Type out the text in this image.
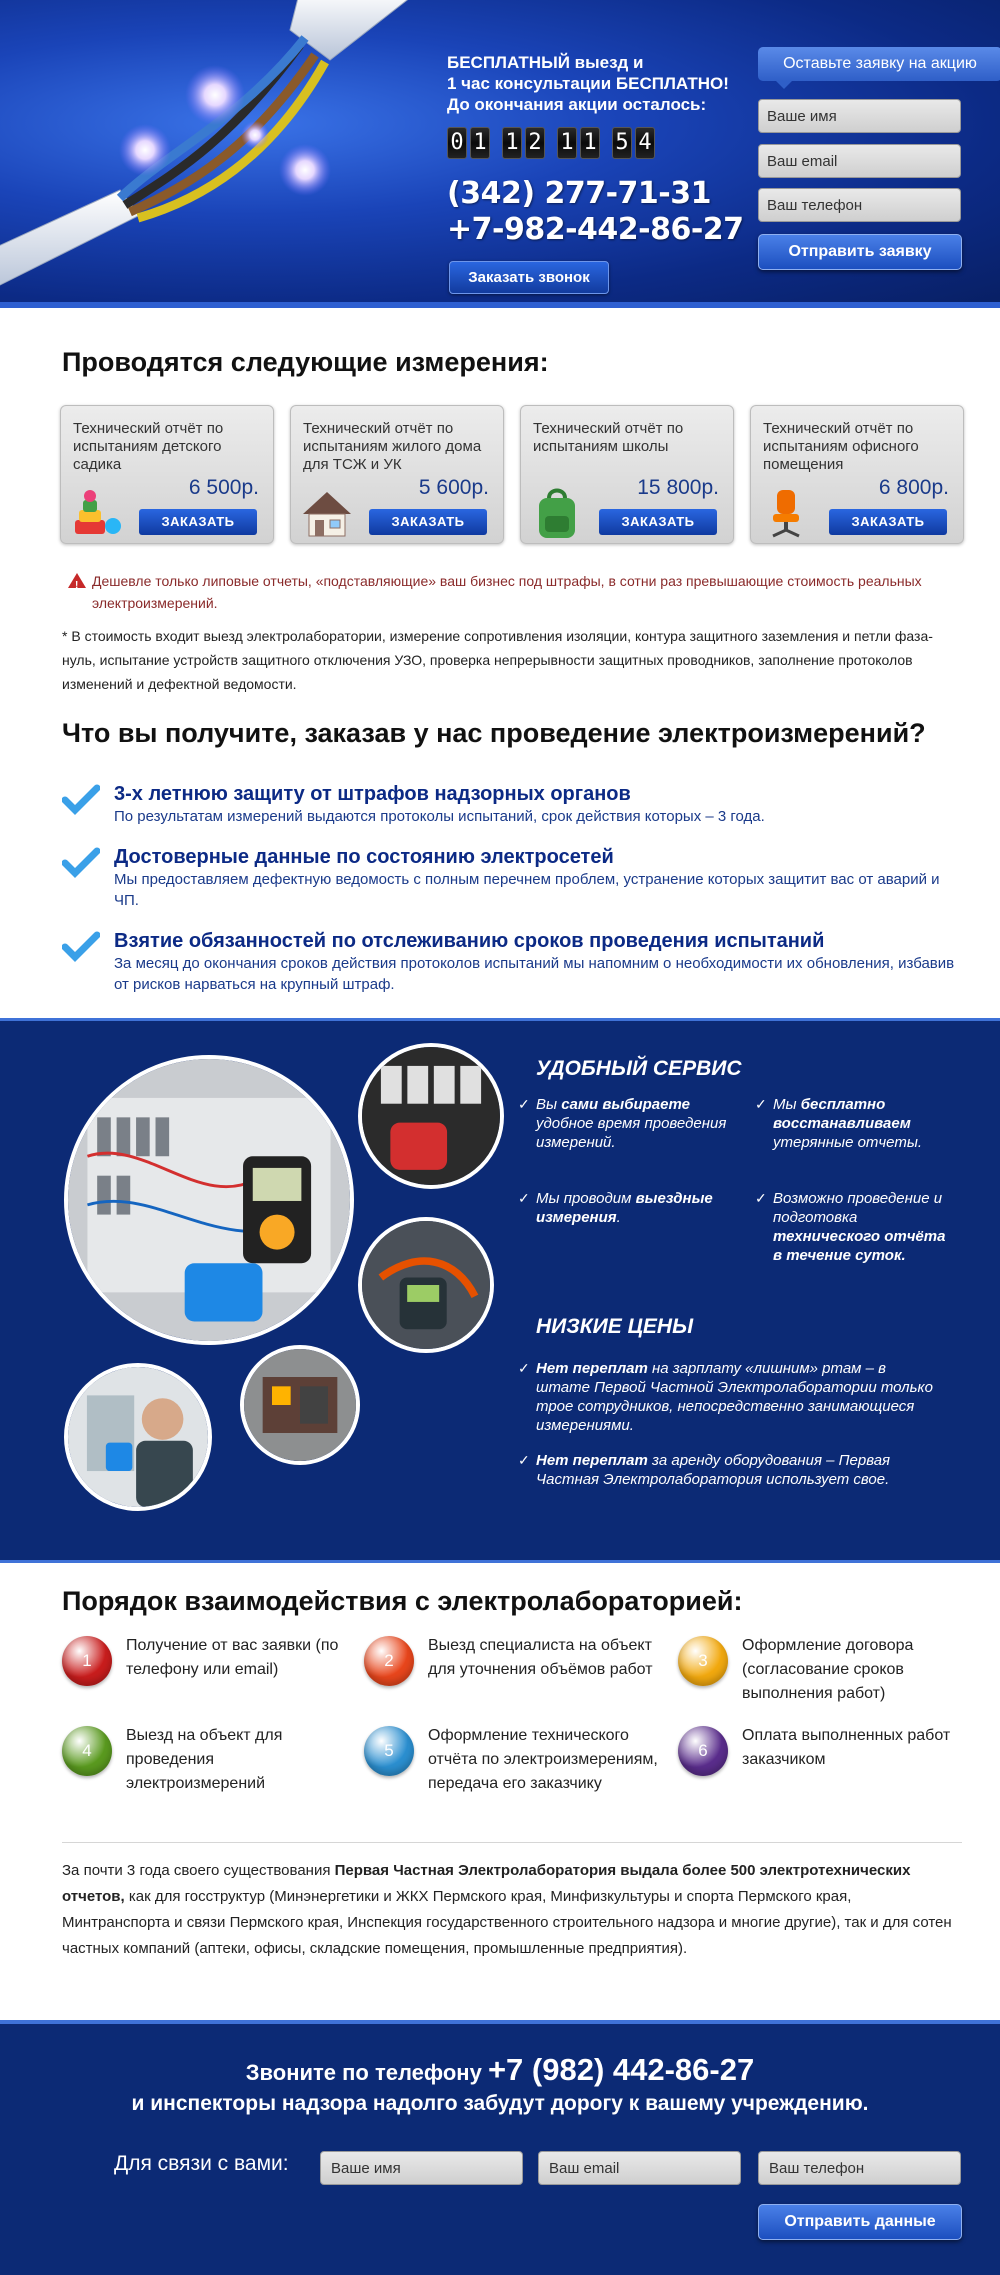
БЕСПЛАТНЫЙ выезд и
1 час консультации БЕСПЛАТНО!
До окончания акции осталось:
0 1 1 2 1 1 5 4
(342) 277-71-31
+7-982-442-86-27
Заказать звонок
Оставьте заявку на акцию
Ваше имя
Ваш email
Ваш телефон
Отправить заявку
Проводятся следующие измерения:
Технический отчёт по испытаниям детского садика
6 500р.
ЗАКАЗАТЬ
Технический отчёт по испытаниям жилого дома для ТСЖ и УК
5 600р.
ЗАКАЗАТЬ
Технический отчёт по испытаниям школы
15 800р.
ЗАКАЗАТЬ
Технический отчёт по испытаниям офисного помещения
6 800р.
ЗАКАЗАТЬ
!
Дешевле только липовые отчеты, «подставляющие» ваш бизнес под штрафы, в сотни раз превышающие стоимость реальных электроизмерений.
* В стоимость входит выезд электролаборатории, измерение сопротивления изоляции, контура защитного заземления и петли фаза-нуль, испытание устройств защитного отключения УЗО, проверка непрерывности защитных проводников, заполнение протоколов изменений и дефектной ведомости.
Что вы получите, заказав у нас проведение электроизмерений?
3-х летнюю защиту от штрафов надзорных органов
По результатам измерений выдаются протоколы испытаний, срок действия которых – 3 года.
Достоверные данные по состоянию электросетей
Мы предоставляем дефектную ведомость с полным перечнем проблем, устранение которых защитит вас от аварий и ЧП.
Взятие обязанностей по отслеживанию сроков проведения испытаний
За месяц до окончания сроков действия протоколов испытаний мы напомним о необходимости их обновления, избавив от рисков нарваться на крупный штраф.
УДОБНЫЙ СЕРВИС
✓ Вы сами выбираете удобное время проведения измерений.
✓ Мы бесплатно восстанавливаем утерянные отчеты.
✓ Мы проводим выездные измерения.
✓ Возможно проведение и подготовка технического отчёта в течение суток.
НИЗКИЕ ЦЕНЫ
✓ Нет переплат на зарплату «лишним» ртам – в штате Первой Частной Электролаборатории только трое сотрудников, непосредственно занимающиеся измерениями.
✓ Нет переплат за аренду оборудования – Первая Частная Электролаборатория использует свое.
Порядок взаимодействия с электролабораторией:
1
Получение от вас заявки (по телефону или email)	2
Выезд специалиста на объект для уточнения объёмов работ	3
Оформление договора (согласование сроков выполнения работ)
4
Выезд на объект для проведения электроизмерений
5
Оформление технического отчёта по электроизмерениям, передача его заказчику
6
Оплата выполненных работ заказчиком
За почти 3 года своего существования Первая Частная Электролаборатория выдала более 500 электротехнических отчетов, как для госструктур (Минэнергетики и ЖКХ Пермского края, Минфизкультуры и спорта Пермского края, Минтранспорта и связи Пермского края, Инспекция государственного строительного надзора и многие другие), так и для сотен частных компаний (аптеки, офисы, складские помещения, промышленные предприятия).
Звоните по телефону +7 (982) 442-86-27
и инспекторы надзора надолго забудут дорогу к вашему учреждению.
Для связи с вами:
Ваше имя
Ваш email
Ваш телефон
Отправить данные
